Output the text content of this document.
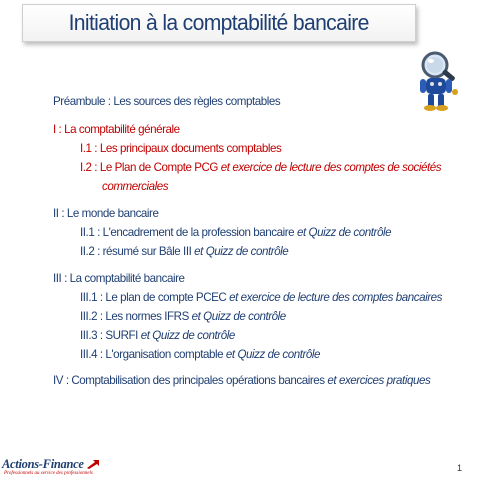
Initiation à la comptabilité bancaire
Préambule : Les sources des règles comptables
I : La comptabilité générale
I.1 : Les principaux documents comptables
I.2 : Le Plan de Compte PCG et exercice de lecture des comptes de sociétés
commerciales
II : Le monde bancaire
II.1 : L'encadrement de la profession bancaire et Quizz de contrôle
II.2 : résumé sur Bâle III et Quizz de contrôle
III : La comptabilité bancaire
III.1 : Le plan de compte PCEC et exercice de lecture des comptes bancaires
III.2 : Les normes IFRS et Quizz de contrôle
III.3 : SURFI et Quizz de contrôle
III.4 : L'organisation comptable et Quizz de contrôle
IV : Comptabilisation des principales opérations bancaires et exercices pratiques
Actions-Finance
Professionnels au service des professionnels
1
